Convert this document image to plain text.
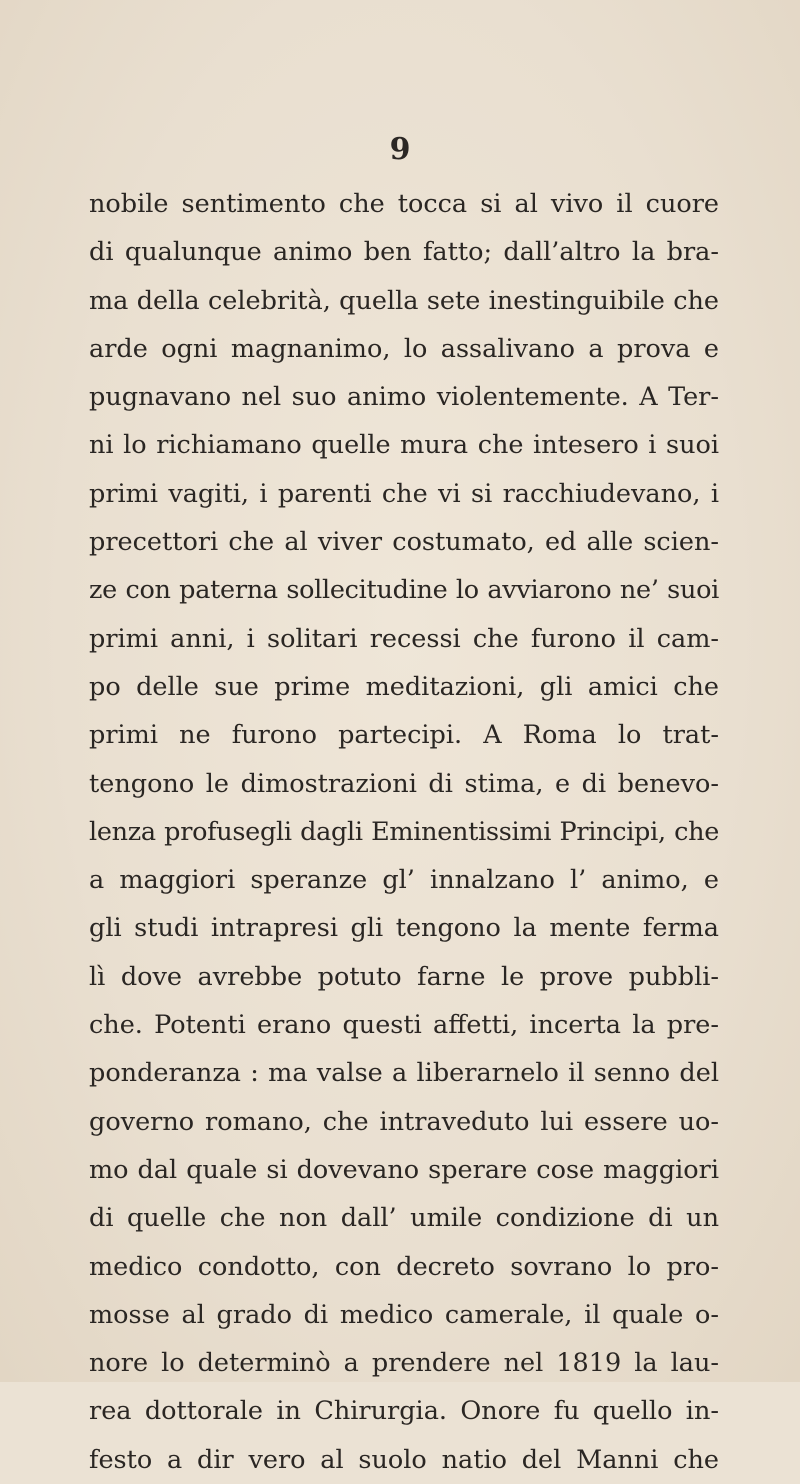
9
nobile sentimento che tocca si al vivo il cuore
di qualunque animo ben fatto; dall’altro la bra-
ma della celebrità, quella sete inestinguibile che
arde ogni magnanimo, lo assalivano a prova e
pugnavano nel suo animo violentemente. A Ter-
ni lo richiamano quelle mura che intesero i suoi
primi vagiti, i parenti che vi si racchiudevano, i
precettori che al viver costumato, ed alle scien-
ze con paterna sollecitudine lo avviarono ne’ suoi
primi anni, i solitari recessi che furono il cam-
po delle sue prime meditazioni, gli amici che
primi ne furono partecipi. A Roma lo trat-
tengono le dimostrazioni di stima, e di benevo-
lenza profusegli dagli Eminentissimi Principi, che
a maggiori speranze gl’ innalzano l’ animo, e
gli studi intrapresi gli tengono la mente ferma
lì dove avrebbe potuto farne le prove pubbli-
che. Potenti erano questi affetti, incerta la pre-
ponderanza : ma valse a liberarnelo il senno del
governo romano, che intraveduto lui essere uo-
mo dal quale si dovevano sperare cose maggiori
di quelle che non dall’ umile condizione di un
medico condotto, con decreto sovrano lo pro-
mosse al grado di medico camerale, il quale o-
nore lo determinò a prendere nel 1819 la lau-
rea dottorale in Chirurgia. Onore fu quello in-
festo a dir vero al suolo natio del Manni che
